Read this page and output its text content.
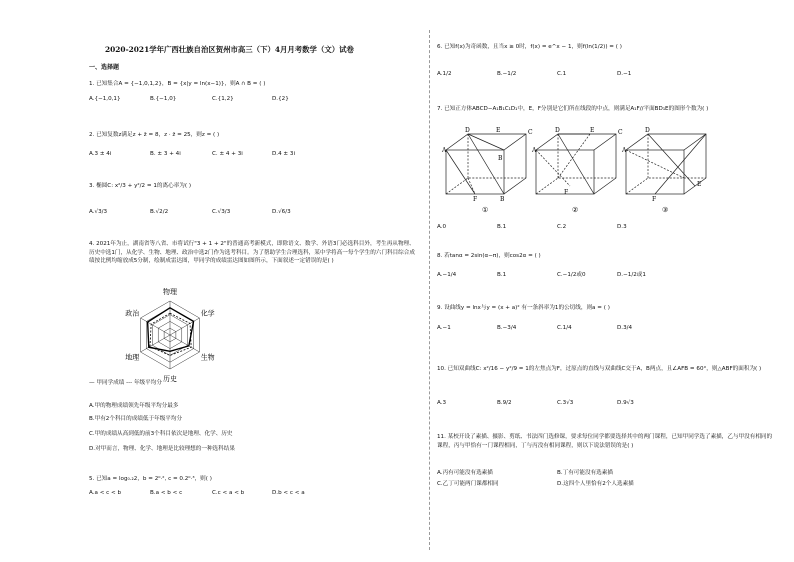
2020-2021学年广西壮族自治区贺州市高三（下）4月月考数学（文）试卷
一、选择题
1. 已知集合A = {−1,0,1,2}，B = {x|y = ln(x−1)}，则A ∩ B = ( )
A.{−1,0,1}	B.{−1,0}	C.{1,2}	D.{2}
2. 已知复数z满足z + z̄ = 8，z · z̄ = 25，则z = ( )
A.3 ± 4i	B. ± 3 + 4i	C. ± 4 + 3i	D.4 ± 3i
3. 椭圆C: x²/3 + y²/2 = 1的离心率为( )
A.√3/3	B.√2/2	C.√3/3	D.√6/3
4. 2021年为止，湖南省等八省、市将试行"3 + 1 + 2"的普通高考新模式，即除语文、数学、外语3门必选科目外，考生再从物理、历史中选1门，从化学、生物、地理、政治中选2门作为选考科目。为了帮助学生合理选科，某中学将高一每个学生的六门科目综合成绩按比例均缩放成5分制，绘制成雷达图，甲同学的成绩雷达图如图所示，下面叙述一定错误的是( )
物理
化学
生物
历史
地理
政治
— 甲同学成绩 --- 年级平均分
A.甲的物理成绩领先年级平均分最多
B.甲有2个科目的成绩低于年级平均分
C.甲的成绩从高到低的前3个科目依次是地理、化学、历史
D.对甲而言，物理、化学、地理是比较理想的一种选科结果
5. 已知a = log₀.₂2，b = 2⁰·², c = 0.2⁰·³，则( )
A.a < c < b	B.a < b < c	C.c < a < b	D.b < c < a
6. 已知f(x)为奇函数，且当x ≥ 0时，f(x) = e^x − 1，则f(ln(1/2)) = ( )
A.1/2	B.−1/2	C.1	D.−1
7. 已知正方体ABCD−A₁B₁C₁D₁中，E，F分别是它们所在线段的中点，则满足A₁F//平面BD₁E的图形个数为( )
A
D	C
E
B
F	B
①
A
D	E	C
F
②
A
D
E
F
③
A.0	B.1	C.2	D.3
8. 若tanα = 2sin(α−π)，则cos2α = ( )
A.−1/4	B.1	C.−1/2或0	D.−1/2或1
9. 设曲线y = lnx与y = (x + a)² 有一条斜率为1的公切线，则a = ( )
A.−1	B.−3/4	C.1/4	D.3/4
10. 已知双曲线C: x²/16 − y²/9 = 1的左焦点为F，过原点的直线与双曲线C交于A，B两点，且∠AFB = 60°，则△ABF的面积为( )
A.3	B.9/2	C.3√3	D.9√3
11. 某校开设了素描、摄影、剪纸、书法四门选修课，要求每位同学都要选择其中的两门课程，已知甲同学选了素描，乙与甲没有相同的课程，丙与甲恰有一门课程相同，丁与丙没有相同课程，则以下说法错误的是( )
A.丙有可能没有选素描	B.丁有可能没有选素描
C.乙丁可能两门课都相同	D.这四个人里恰有2个人选素描
